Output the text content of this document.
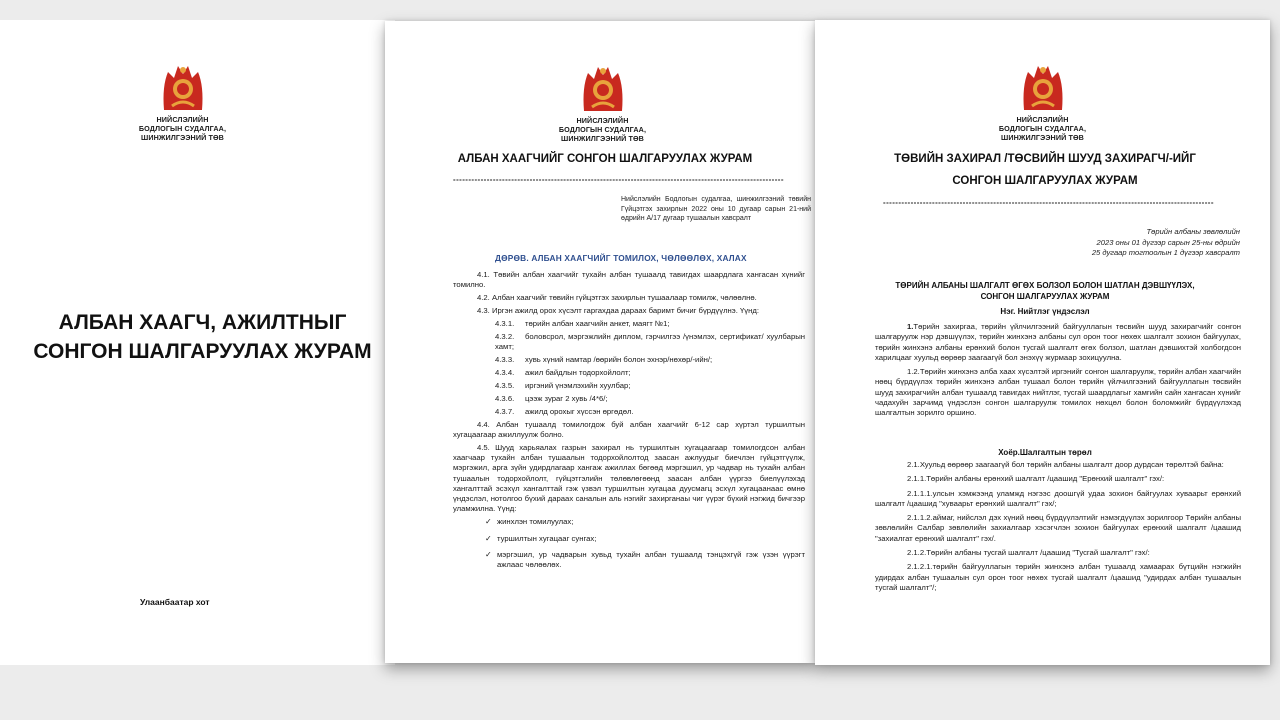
НИЙСЛЭЛИЙН
БОДЛОГЫН СУДАЛГАА,
ШИНЖИЛГЭЭНИЙ ТӨВ
АЛБАН ХААГЧ, АЖИЛТНЫГ
СОНГОН ШАЛГАРУУЛАХ ЖУРАМ
Улаанбаатар хот
НИЙСЛЭЛИЙН
БОДЛОГЫН СУДАЛГАА,
ШИНЖИЛГЭЭНИЙ ТӨВ
АЛБАН ХААГЧИЙГ СОНГОН ШАЛГАРУУЛАХ ЖУРАМ
------------------------------------------------------------------------------------------------------------
Нийслэлийн Бодлогын судалгаа, шинжилгээний төвийн Гүйцэтгэх захирлын 2022 оны 10 дугаар сарын 21-ний өдрийн А/17 дугаар тушаалын хавсралт
ДӨРӨВ. АЛБАН ХААГЧИЙГ ТОМИЛОХ, ЧӨЛӨӨЛӨХ, ХАЛАХ

4.1. Төвийн албан хаагчийг тухайн албан тушаалд тавигдах шаардлага хангасан хүнийг томилно.

4.2. Албан хаагчийг төвийн гүйцэтгэх захирлын тушаалаар томилж, чөлөөлнө.

4.3. Иргэн ажилд орох хүсэлт гаргахдаа дараах баримт бичиг бүрдүүлнэ. Үүнд:

4.3.1. төрийн албан хаагчийн анкет, маягт №1;
4.3.2. боловсрол, мэргэжлийн диплом, гэрчилгээ /үнэмлэх, сертификат/ хуулбарын хамт;
4.3.3. хувь хүний намтар /өөрийн болон эхнэр/нөхөр/-ийн/;
4.3.4. ажил байдлын тодорхойлолт;
4.3.5. иргэний үнэмлэхийн хуулбар;
4.3.6. цээж зураг 2 хувь /4*6/;
4.3.7. ажилд орохыг хүссэн өргөдөл.

4.4. Албан тушаалд томилогдож буй албан хаагчийг 6-12 сар хүртэл туршилтын хугацаагаар ажиллуулж болно.

4.5. Шууд харьяалах газрын захирал нь туршилтын хугацаагаар томилогдсон албан хаагчаар тухайн албан тушаалын тодорхойлолтод заасан ажлуудыг биечлэн гүйцэтгүүлж, мэргэжил, арга зүйн удирдлагаар хангаж ажиллах бөгөөд мэргэшил, ур чадвар нь тухайн албан тушаалын тодорхойлолт, гүйцэтгэлийн төлөвлөгөөнд заасан албан үүргээ биелүүлэхэд хангалттай эсэхүл хангалттай гэж үзвэл туршилтын хугацаа дуусмагц эсхүл хугацаанаас өмнө үндэслэл, нотолгоо бүхий дараах саналын аль нэгийг захирганаы чиг үүрэг бүхий нэгжид бичгээр уламжилна. Үүнд:

✓ жинхлэн томилуулах;
✓ туршилтын хугацааг сунгах;
✓ мэргэшил, ур чадварын хувьд тухайн албан тушаалд тэнцэхгүй гэж үзэн үүрэгт ажлаас чөлөөлөх.
НИЙСЛЭЛИЙН
БОДЛОГЫН СУДАЛГАА,
ШИНЖИЛГЭЭНИЙ ТӨВ
ТӨВИЙН ЗАХИРАЛ /ТӨСВИЙН ШУУД ЗАХИРАГЧ/-ИЙГ
СОНГОН ШАЛГАРУУЛАХ ЖУРАМ
------------------------------------------------------------------------------------------------------------
Төрийн албаны зөвлөлийн
2023 оны 01 дүгээр сарын 25-ны өдрийн
25 дугаар тогтоолын 1 дүгээр хавсралт
ТӨРИЙН АЛБАНЫ ШАЛГАЛТ ӨГӨХ БОЛЗОЛ БОЛОН ШАТЛАН ДЭВШҮҮЛЭХ,
СОНГОН ШАЛГАРУУЛАХ ЖУРАМ
Нэг. Нийтлэг үндэслэл

1.Төрийн захиргаа, төрийн үйлчилгээний байгууллагын төсвийн шууд захирагчийг сонгон шалгаруулж нэр дэвшүүлэх, төрийн жинхэнэ албаны сул орон тоог нөхөх шалгалт зохион байгуулах, төрийн жинхэнэ албаны ерөнхий болон тусгай шалгалт өгөх болзол, шатлан дэвшихтэй холбогдсон харилцааг хуульд өөрөөр заагаагүй бол энэхүү журмаар зохицуулна.

1.2.Төрийн жинхэнэ алба хаах хүсэлтэй иргэнийг сонгон шалгаруулж, төрийн албан хаагчийн нөөц бүрдүүлэх төрийн жинхэнэ албан тушаал болон төрийн үйлчилгээний байгууллагын төсвийн шууд захирагчийн албан тушаалд тавигдах нийтлэг, тусгай шаардлагыг хамгийн сайн хангасан хүнийг чадахуйн зарчимд үндэслэн сонгон шалгаруулж томилох нөхцөл болон боломжийг бүрдүүлэхэд шалгалтын зорилго оршино.

Хоёр.Шалгалтын төрөл

2.1.Хуульд өөрөөр заагаагүй бол төрийн албаны шалгалт доор дурдсан төрөлтэй байна:

2.1.1.Төрийн албаны ерөнхий шалгалт /цаашид "Ерөнхий шалгалт" гэх/:

2.1.1.1.улсын хэмжээнд уламжд нэгээс доошгүй удаа зохион байгуулах хуваарьт ерөнхий шалгалт /цаашид "хуваарьт ерөнхий шалгалт" гэх/;

2.1.1.2.аймаг, нийслэл дэх хүний нөөц бүрдүүлэлтийг нэмэгдүүлэх зорилгоор Төрийн албаны зөвлөлийн Салбар зөвлөлийн захиалгаар хэсэгчлэн зохион байгуулах ерөнхий шалгалт /цаашид "захиалгат ерөнхий шалгалт" гэх/.

2.1.2.Төрийн албаны тусгай шалгалт /цаашид "Тусгай шалгалт" гэх/:

2.1.2.1.төрийн байгууллагын төрийн жинхэнэ албан тушаалд хамаарах бүтцийн нэгжийн удирдах албан тушаалын сул орон тоог нөхөх тусгай шалгалт /цаашид "удирдах албан тушаалын тусгай шалгалт"/;
